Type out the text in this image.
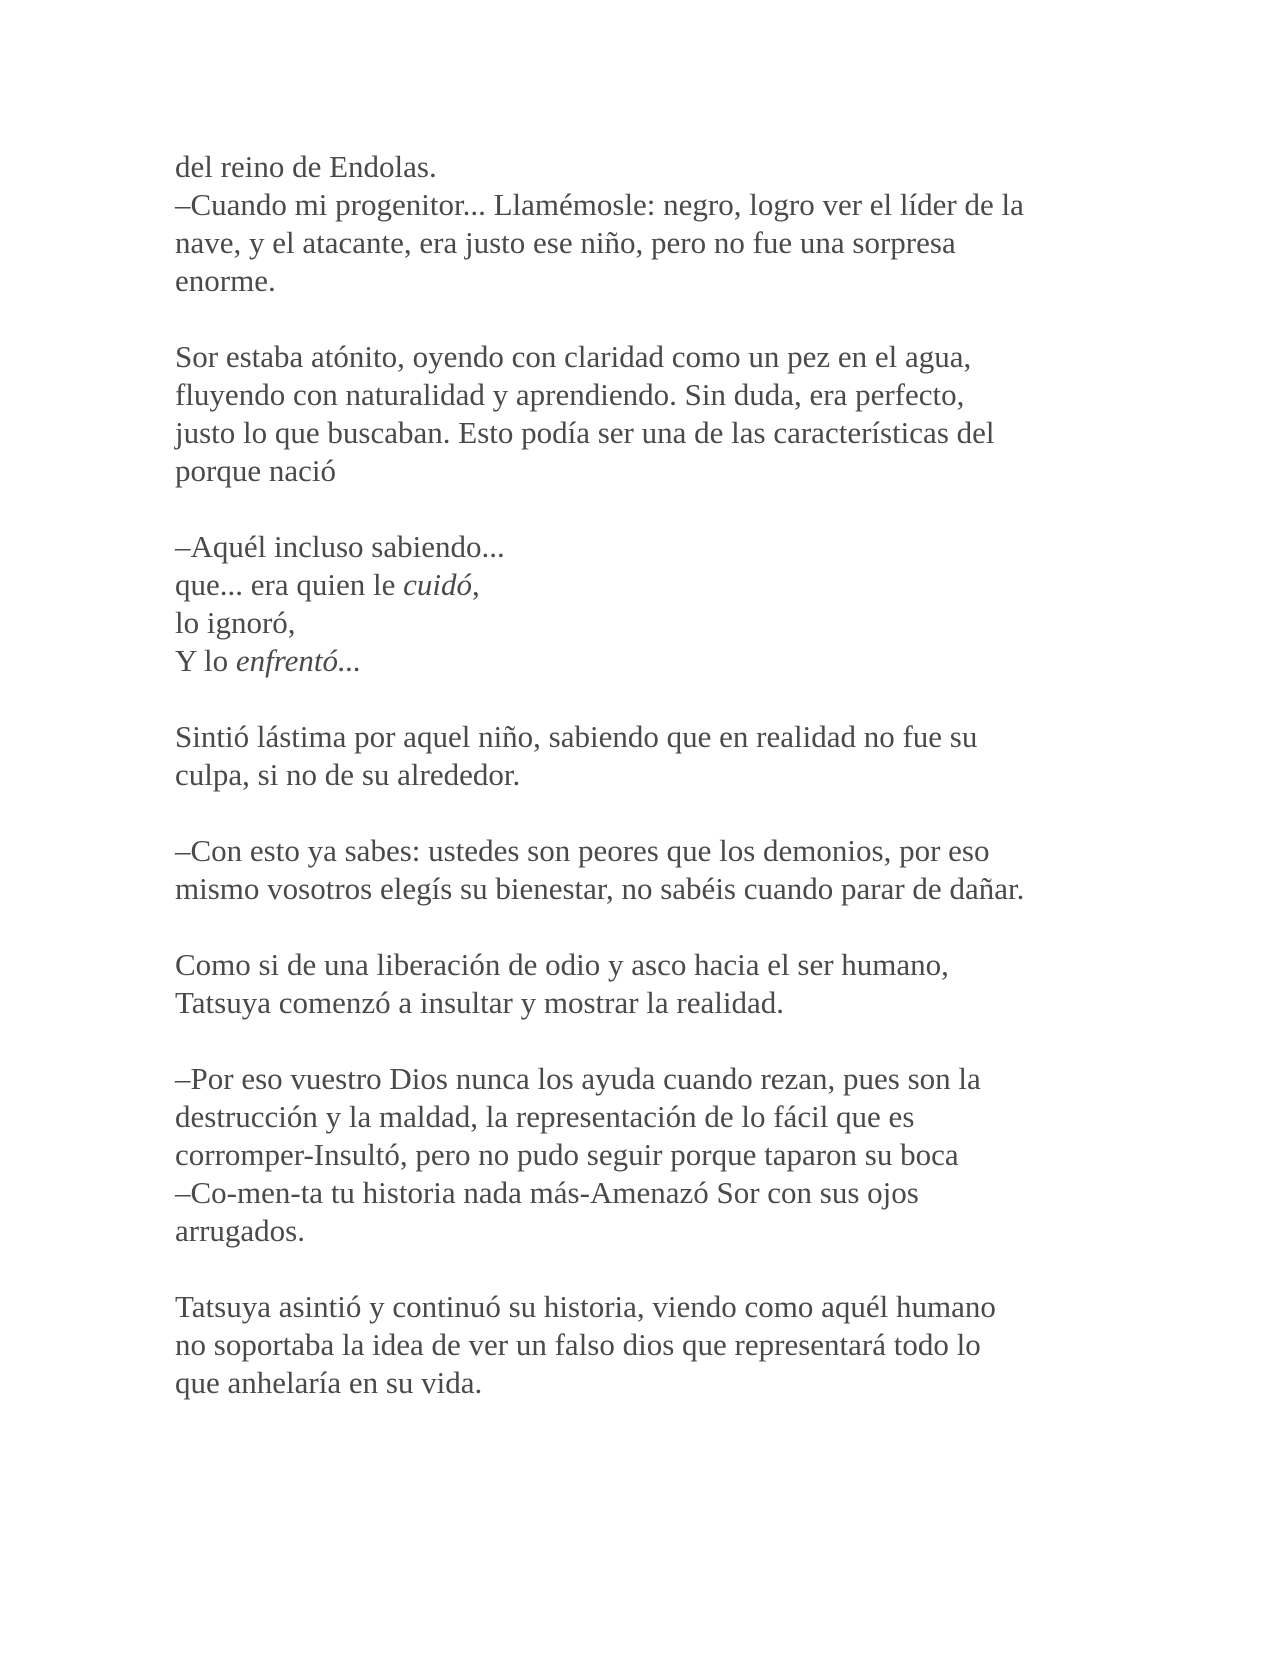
del reino de Endolas.
–Cuando mi progenitor... Llamémosle: negro, logro ver el líder de la
nave, y el atacante, era justo ese niño, pero no fue una sorpresa
enorme.

Sor estaba atónito, oyendo con claridad como un pez en el agua,
fluyendo con naturalidad y aprendiendo. Sin duda, era perfecto,
justo lo que buscaban. Esto podía ser una de las características del
porque nació

–Aquél incluso sabiendo...
que... era quien le cuidó,
lo ignoró,
Y lo enfrentó...

Sintió lástima por aquel niño, sabiendo que en realidad no fue su
culpa, si no de su alrededor.

–Con esto ya sabes: ustedes son peores que los demonios, por eso
mismo vosotros elegís su bienestar, no sabéis cuando parar de dañar.

Como si de una liberación de odio y asco hacia el ser humano,
Tatsuya comenzó a insultar y mostrar la realidad.

–Por eso vuestro Dios nunca los ayuda cuando rezan, pues son la
destrucción y la maldad, la representación de lo fácil que es
corromper-Insultó, pero no pudo seguir porque taparon su boca
–Co-men-ta tu historia nada más-Amenazó Sor con sus ojos
arrugados.

Tatsuya asintió y continuó su historia, viendo como aquél humano
no soportaba la idea de ver un falso dios que representará todo lo
que anhelaría en su vida.
